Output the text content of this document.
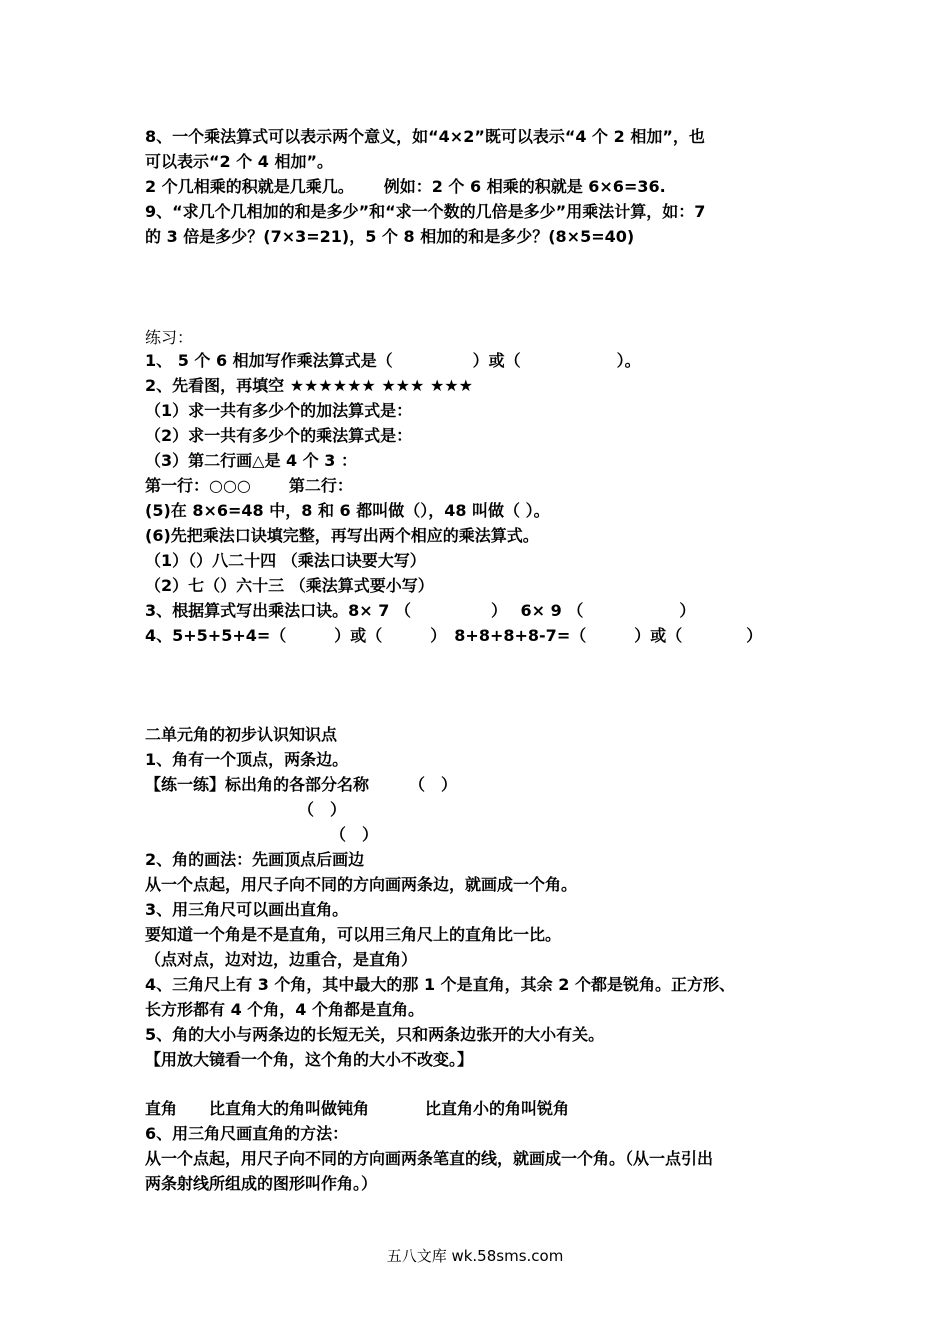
8、一个乘法算式可以表示两个意义，如“4×2”既可以表示“4 个 2 相加”，也

可以表示“2 个 4 相加”。

2 个几相乘的积就是几乘几。 例如：2 个 6 相乘的积就是 6×6=36.

9、“求几个几相加的和是多少”和“求一个数的几倍是多少”用乘法计算，如：7

的 3 倍是多少？(7×3=21)，5 个 8 相加的和是多少？(8×5=40)

练习：

1、 5 个 6 相加写作乘法算式是（　　　　　）或（　　　　　　）。

2、先看图，再填空 ★★★★★★ ★★★ ★★★

（1）求一共有多少个的加法算式是：

（2）求一共有多少个的乘法算式是：

（3）第二行画△是 4 个 3 ：

第一行：○○○ 第二行：

(5)在 8×6=48 中，8 和 6 都叫做（），48 叫做（ ）。

(6)先把乘法口诀填完整，再写出两个相应的乘法算式。

（1）（）八二十四 （乘法口诀要大写）

（2）七（）六十三 （乘法算式要小写）

3、根据算式写出乘法口诀。8× 7 （　　　　　）　 6× 9 （　　　　　　）

4、5+5+5+4=（　　　）或（　　　）　8+8+8+8-7=（　　　）或（　　　　）

二单元角的初步认识知识点

1、角有一个顶点，两条边。

【练一练】标出角的各部分名称　　　（　）

（　）

（　）

2、角的画法：先画顶点后画边

从一个点起，用尺子向不同的方向画两条边，就画成一个角。

3、用三角尺可以画出直角。

要知道一个角是不是直角，可以用三角尺上的直角比一比。

（点对点，边对边，边重合，是直角）

4、三角尺上有 3 个角，其中最大的那 1 个是直角，其余 2 个都是锐角。正方形、

长方形都有 4 个角，4 个角都是直角。

5、角的大小与两条边的长短无关，只和两条边张开的大小有关。

【用放大镜看一个角，这个角的大小不改变。】

直角 比直角大的角叫做钝角	比直角小的角叫锐角

6、用三角尺画直角的方法：

从一个点起，用尺子向不同的方向画两条笔直的线，就画成一个角。（从一点引出

两条射线所组成的图形叫作角。）

五八文库 wk.58sms.com
